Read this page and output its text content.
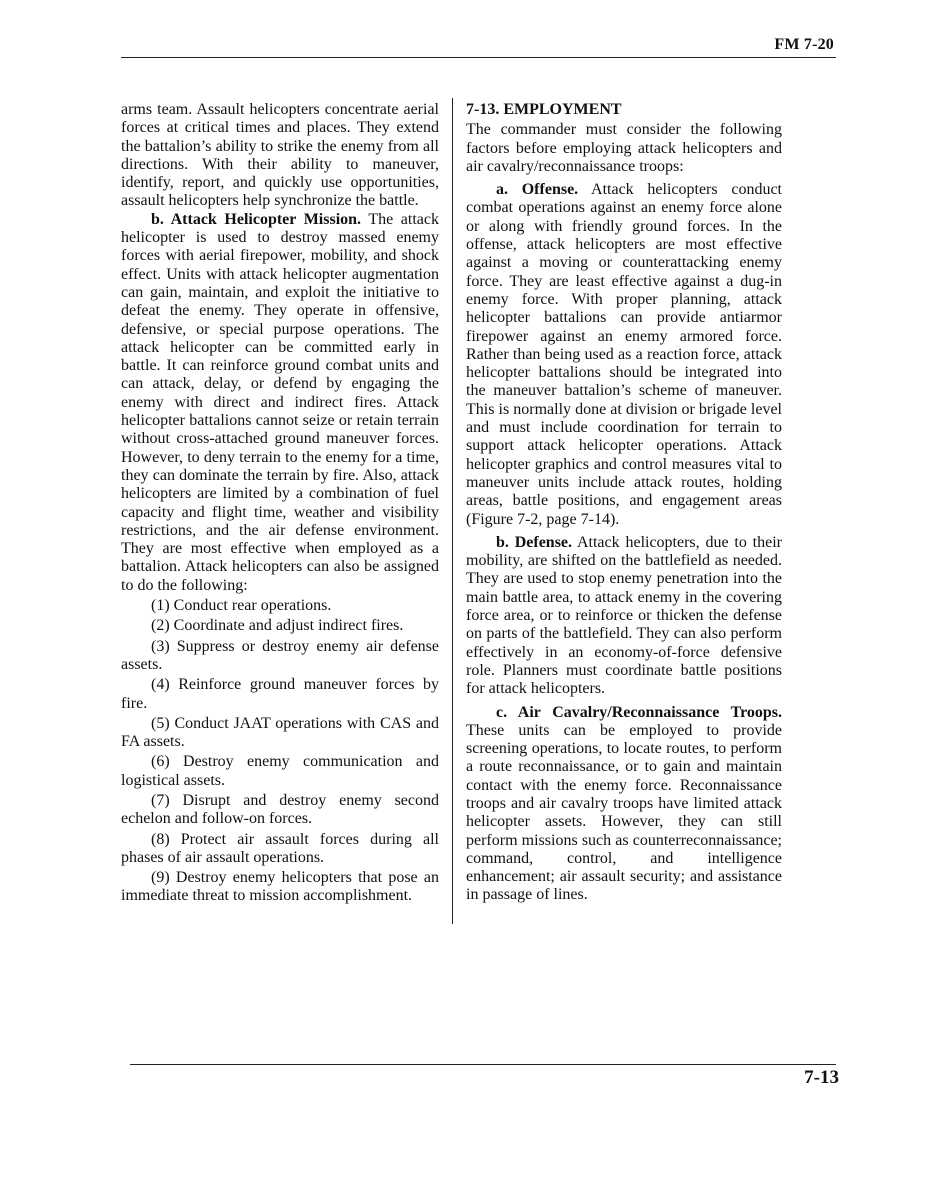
FM 7-20

arms team. Assault helicopters concentrate aerial forces at critical times and places. They extend the battalion’s ability to strike the enemy from all directions. With their ability to maneuver, identify, report, and quickly use opportunities, assault helicopters help synchronize the battle.

b. Attack Helicopter Mission. The attack helicopter is used to destroy massed enemy forces with aerial firepower, mobility, and shock effect. Units with attack helicopter augmentation can gain, maintain, and exploit the initiative to defeat the enemy. They operate in offensive, defensive, or special purpose operations. The attack helicopter can be committed early in battle. It can reinforce ground combat units and can attack, delay, or defend by engaging the enemy with direct and indirect fires. Attack helicopter battalions cannot seize or retain terrain without cross-attached ground maneuver forces. However, to deny terrain to the enemy for a time, they can dominate the terrain by fire. Also, attack helicopters are limited by a combination of fuel capacity and flight time, weather and visibility restrictions, and the air defense environment. They are most effective when employed as a battalion. Attack helicopters can also be assigned to do the following:

(1) Conduct rear operations.

(2) Coordinate and adjust indirect fires.

(3) Suppress or destroy enemy air defense assets.

(4) Reinforce ground maneuver forces by fire.

(5) Conduct JAAT operations with CAS and FA assets.

(6) Destroy enemy communication and logistical assets.

(7) Disrupt and destroy enemy second echelon and follow-on forces.

(8) Protect air assault forces during all phases of air assault operations.

(9) Destroy enemy helicopters that pose an immediate threat to mission accomplishment.

7-13. EMPLOYMENT

The commander must consider the following factors before employing attack helicopters and air cavalry/reconnaissance troops:

a. Offense. Attack helicopters conduct combat operations against an enemy force alone or along with friendly ground forces. In the offense, attack helicopters are most effective against a moving or counterattacking enemy force. They are least effective against a dug-in enemy force. With proper planning, attack helicopter battalions can provide antiarmor firepower against an enemy armored force. Rather than being used as a reaction force, attack helicopter battalions should be integrated into the maneuver battalion’s scheme of maneuver. This is normally done at division or brigade level and must include coordination for terrain to support attack helicopter operations. Attack helicopter graphics and control measures vital to maneuver units include attack routes, holding areas, battle positions, and engagement areas (Figure 7-2, page 7-14).

b. Defense. Attack helicopters, due to their mobility, are shifted on the battlefield as needed. They are used to stop enemy penetration into the main battle area, to attack enemy in the covering force area, or to reinforce or thicken the defense on parts of the battlefield. They can also perform effectively in an economy-of-force defensive role. Planners must coordinate battle positions for attack helicopters.

c. Air Cavalry/Reconnaissance Troops. These units can be employed to provide screening operations, to locate routes, to perform a route reconnaissance, or to gain and maintain contact with the enemy force. Reconnaissance troops and air cavalry troops have limited attack helicopter assets. However, they can still perform missions such as counterreconnaissance; command, control, and intelligence enhancement; air assault security; and assistance in passage of lines.

7-13
